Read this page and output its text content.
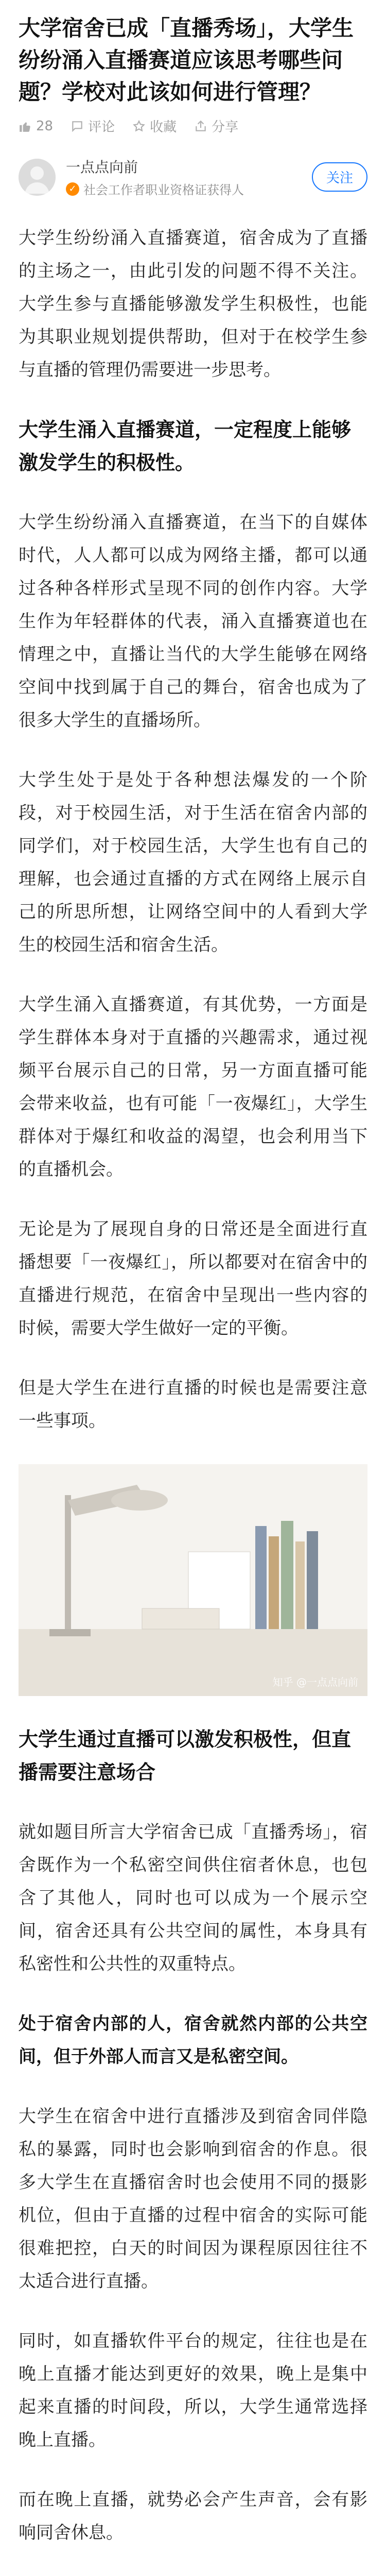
大学宿舍已成「直播秀场」，大学生纷纷涌入直播赛道应该思考哪些问题？学校对此该如何进行管理？
28	评论	收藏	分享
一点点向前
✓ 社会工作者职业资格证获得人
关注

大学生纷纷涌入直播赛道，宿舍成为了直播的主场之一，由此引发的问题不得不关注。大学生参与直播能够激发学生积极性，也能为其职业规划提供帮助，但对于在校学生参与直播的管理仍需要进一步思考。

大学生涌入直播赛道，一定程度上能够激发学生的积极性。

大学生纷纷涌入直播赛道，在当下的自媒体时代，人人都可以成为网络主播，都可以通过各种各样形式呈现不同的创作内容。大学生作为年轻群体的代表，涌入直播赛道也在情理之中，直播让当代的大学生能够在网络空间中找到属于自己的舞台，宿舍也成为了很多大学生的直播场所。

大学生处于是处于各种想法爆发的一个阶段，对于校园生活，对于生活在宿舍内部的同学们，对于校园生活，大学生也有自己的理解，也会通过直播的方式在网络上展示自己的所思所想，让网络空间中的人看到大学生的校园生活和宿舍生活。

大学生涌入直播赛道，有其优势，一方面是学生群体本身对于直播的兴趣需求，通过视频平台展示自己的日常，另一方面直播可能会带来收益，也有可能「一夜爆红」，大学生群体对于爆红和收益的渴望，也会利用当下的直播机会。

无论是为了展现自身的日常还是全面进行直播想要「一夜爆红」，所以都要对在宿舍中的直播进行规范，在宿舍中呈现出一些内容的时候，需要大学生做好一定的平衡。

但是大学生在进行直播的时候也是需要注意一些事项。

知乎 @一点点向前

大学生通过直播可以激发积极性，但直播需要注意场合

就如题目所言大学宿舍已成「直播秀场」，宿舍既作为一个私密空间供住宿者休息，也包含了其他人，同时也可以成为一个展示空间，宿舍还具有公共空间的属性，本身具有私密性和公共性的双重特点。

处于宿舍内部的人，宿舍就然内部的公共空间，但于外部人而言又是私密空间。

大学生在宿舍中进行直播涉及到宿舍同伴隐私的暴露，同时也会影响到宿舍的作息。很多大学生在直播宿舍时也会使用不同的摄影机位，但由于直播的过程中宿舍的实际可能很难把控，白天的时间因为课程原因往往不太适合进行直播。

同时，如直播软件平台的规定，往往也是在晚上直播才能达到更好的效果，晚上是集中起来直播的时间段，所以，大学生通常选择晚上直播。

而在晚上直播，就势必会产生声音，会有影响同舍休息。
